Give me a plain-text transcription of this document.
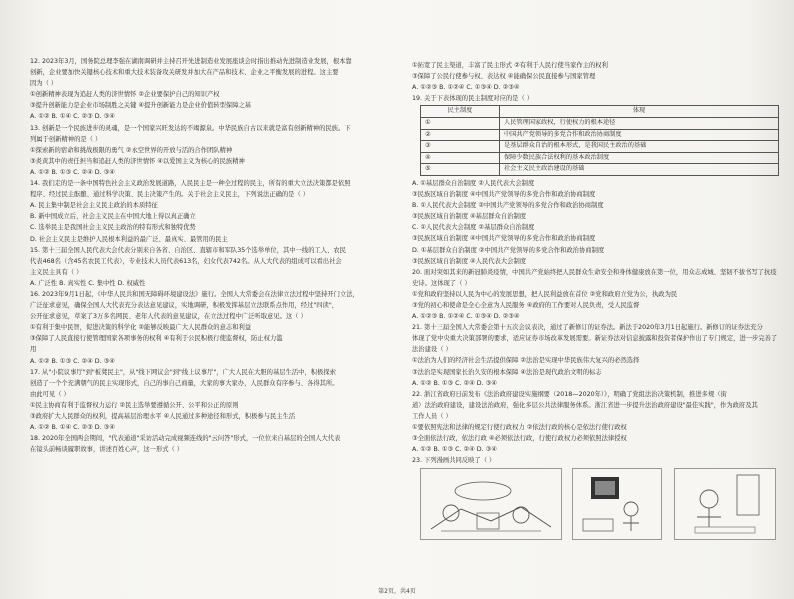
12. 2023年3月，国务院总理李强在湖南调研并主持召开先进制造业发展座谈会时指出推动先进制造业发展，根本靠
创新，企业要加快关键核心技术和重大技术装备攻关研发并加大在产品和技术、企业之平衡发展的进程。这主要
因为（ ）
①创新精神表现为追赶人类的济世情怀 ②企业要保护自己的知识产权
③提升创新能力是企业市场制胜之关键 ④提升创新能力是企业价值转型保障之基
A. ①② B. ①④ C. ②③ D. ③④
13. 创新是一个民族进步的灵魂，是一个国家兴旺发达的不竭源泉。中华民族自古以来就是富有创新精神的民族。下
列属于创新精神的是（ ）
①探索新的宿命和挑战极限的勇气 ②永空世界的开放与活的合作团队精神
③炎黄其中的责任担当和追赶人类的济世情怀 ④以爱国主义为核心的民族精神
A. ①② B. ①③ C. ②④ D. ③④
14. 我们走的是一条中国特色社会主义政治发展道路，人民民主是一种全过程的民主，所有的重大立法决策都是依照
程序、经过民主酝酿、通过科学决策、民主决策产生的。关于社会主义民主，下列说法正确的是（ ）
A. 民主集中制是社会主义民主政治的本质特征
B. 新中国成立后，社会主义民主在中国大地上得以真正确立
C. 选举民主是我国社会主义民主政治的特有形式和独特优势
D. 社会主义民主是维护人民根本利益的最广泛、最真实、最管用的民主
15. 第十三届全国人民代表大会代表分别来自各省、自治区、直辖市和军队35个选举单位，其中一线的工人、农民
代表468名（含45名农民工代表），专业技术人员代表613名，妇女代表742名。从人大代表的组成可以看出社会
主义民主具有（ ）
A. 广泛性 B. 真实性 C. 集中性 D. 权威性
16. 2023年9月1日起，《中华人民共和国无障碍环境建设法》施行。全国人大常委会在法律立法过程中坚持开门立法，
广泛征求意见，确保全国人大代表充分表达意见建议，实地调研，积极发挥基层立法联系点作用，经过"四读"，
公开征求意见，草案了3万多名网民、老年人代表的意见建议，在立法过程中广泛听取意见。这（ ）
①有利于集中民智，促进决策的科学化 ②能够反映最广大人民群众的意志和利益
③保障了人民直接行使管理国家各项事务的权利 ④有利于公民积极行使监督权，防止权力滥
用
A. ①② B. ①③ C. ②④ D. ③④
17. 从"小院议事厅"到"板凳民主"，从"线下网议会"到"线上议事厅"，广大人民在大胆的基层生活中，积极探索
创造了一个个充满朝气的民主实现形式，自己的事自己商量，大家的事大家办，人民群众有序参与、各得其所。
由此可见（ ）
①民主协商有利于监督权力运行 ②民主选举要遵循公开、公平和公正的原则
③政府扩大人民群众的权利，提高基层治理水平 ④人民通过多种途径和形式，积极参与民主生活
A. ①② B. ①④ C. ②③ D. ③④
18. 2020年全国两会期间，"代表通道"采访活动完成视频连线的"云问答"形式，一位位来自基层的全国人大代表
在镜头前畅谈履职故事，讲述百姓心声，这一形式（ ）
①拓宽了民主渠道，丰富了民主形式 ②有利于人民行使当家作主的权利
③保障了公民行使参与权、表达权 ④能确保公民直接参与国家管理
A. ①②③ B. ①②④ C. ①③④ D. ②③④
19. 关于下表体现的民主制度对应的是（ ）
民主制度	体现
①	人民管理国家政权，行使权力的根本途径
②	中国共产党领导的多党合作和政治协商制度
③	是基层群众自治的根本形式，是我国民主政治的基础
④	保障少数民族合法权利的基本政治制度
⑤	社会主义民主政治建设的基础
A. ①基层群众自治制度 ②人民代表大会制度
③民族区域自治制度 ④中国共产党领导的多党合作和政治协商制度
B. ①人民代表大会制度 ②中国共产党领导的多党合作和政治协商制度
③民族区域自治制度 ④基层群众自治制度
C. ①人民代表大会制度 ②基层群众自治制度
③民族区域自治制度 ④中国共产党领导的多党合作和政治协商制度
D. ①基层群众自治制度 ②中国共产党领导的多党合作和政治协商制度
③民族区域自治制度 ④人民代表大会制度
20. 面对突如其来的新冠肺炎疫情，中国共产党始终把人民群众生命安全和身体健康放在第一位，用众志成城、坚韧不拔书写了抗疫
史诗。这体现了（ ）
①党和政府坚持以人民为中心的发展思想，把人民利益放在首位 ②党和政府立党为公，执政为民
③党的初心和使命是全心全意为人民服务 ④政府的工作要对人民负责，受人民监督
A. ①②③ B. ①②④ C. ①③④ D. ②③④
21. 第十三届全国人大常委会第十五次会议表决，通过了新修订的证券法。新法于2020年3月1日起施行。新修订的证券法充分
体现了党中央重大决策部署的要求，适应证券市场改革发展需要。新证券法对信息披露和投资者保护作出了专门规定，进一步完善了
法治建设（ ）
①法治为人们的经济社会生活提供保障 ②法治是实现中华民族伟大复兴的必然选择
③法治是实现国家长治久安的根本保障 ④法治是现代政治文明的标志
A. ①② B. ①③ C. ②④ D. ③④
22. 浙江省政府日前发布《法治政府建设实施纲要（2018—2020年）》，明确了党组法治决策机制，推进多规（街
道）法治政府建设，建设法治政府，强化多层公共法律服务体系。浙江省进一步提升法治政府建设"最佳实践"，作为政府及其
工作人员（ ）
①要依照宪法和法律的规定行使行政权力 ②依法行政的核心是依法行使行政权
③全面依法行政，依法行政 ④必须依法行政，行使行政权力必须依照法律授权
A. ①② B. ①③ C. ②④ D. ③④
23. 下列漫画共同反映了（ ）
第2页，共4页
